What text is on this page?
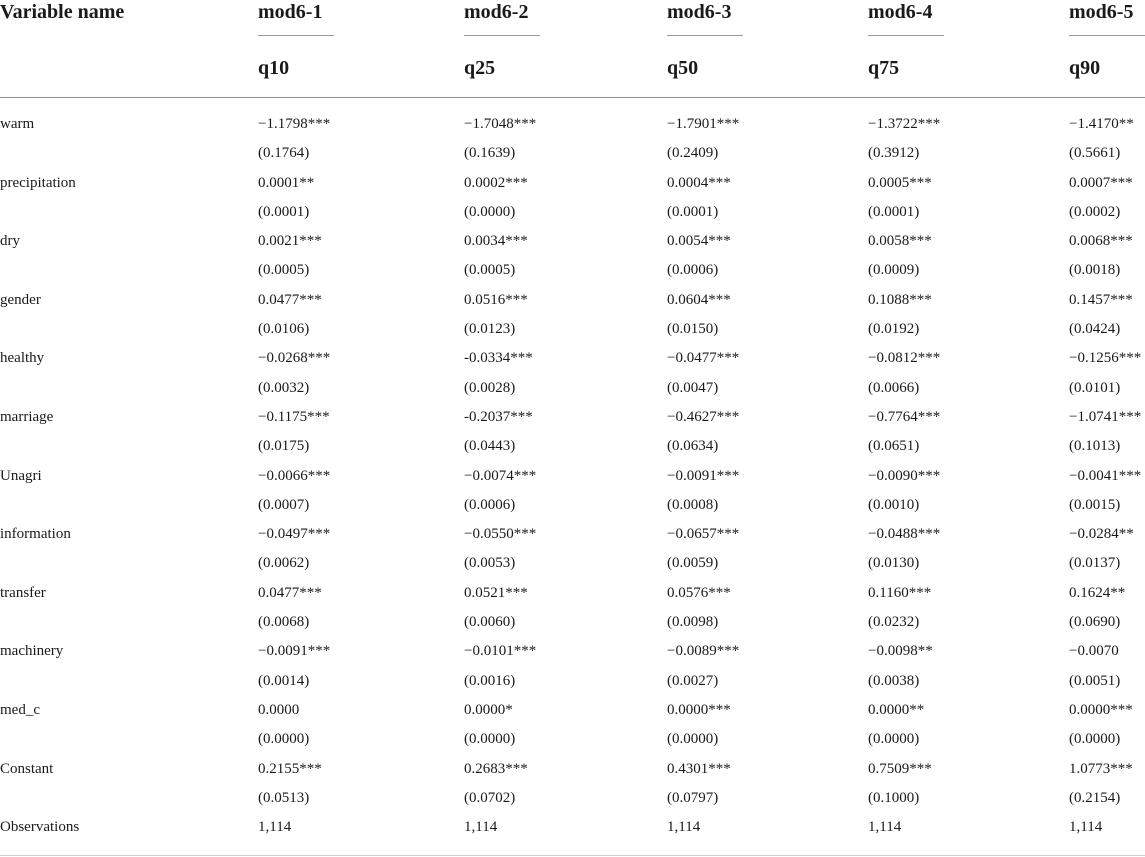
Variable name	mod6-1	mod6-2	mod6-3	mod6-4	mod6-5

	q10	q25	q50	q75	q90

warm	−1.1798***	−1.7048***	−1.7901***	−1.3722***	−1.4170**
	(0.1764)	(0.1639)	(0.2409)	(0.3912)	(0.5661)
precipitation	0.0001**	0.0002***	0.0004***	0.0005***	0.0007***
	(0.0001)	(0.0000)	(0.0001)	(0.0001)	(0.0002)
dry	0.0021***	0.0034***	0.0054***	0.0058***	0.0068***
	(0.0005)	(0.0005)	(0.0006)	(0.0009)	(0.0018)
gender	0.0477***	0.0516***	0.0604***	0.1088***	0.1457***
	(0.0106)	(0.0123)	(0.0150)	(0.0192)	(0.0424)
healthy	−0.0268***	-0.0334***	−0.0477***	−0.0812***	−0.1256***
	(0.0032)	(0.0028)	(0.0047)	(0.0066)	(0.0101)
marriage	−0.1175***	-0.2037***	−0.4627***	−0.7764***	−1.0741***
	(0.0175)	(0.0443)	(0.0634)	(0.0651)	(0.1013)
Unagri	−0.0066***	−0.0074***	−0.0091***	−0.0090***	−0.0041***
	(0.0007)	(0.0006)	(0.0008)	(0.0010)	(0.0015)
information	−0.0497***	−0.0550***	−0.0657***	−0.0488***	−0.0284**
	(0.0062)	(0.0053)	(0.0059)	(0.0130)	(0.0137)
transfer	0.0477***	0.0521***	0.0576***	0.1160***	0.1624**
	(0.0068)	(0.0060)	(0.0098)	(0.0232)	(0.0690)
machinery	−0.0091***	−0.0101***	−0.0089***	−0.0098**	−0.0070
	(0.0014)	(0.0016)	(0.0027)	(0.0038)	(0.0051)
med_c	0.0000	0.0000*	0.0000***	0.0000**	0.0000***
	(0.0000)	(0.0000)	(0.0000)	(0.0000)	(0.0000)
Constant	0.2155***	0.2683***	0.4301***	0.7509***	1.0773***
	(0.0513)	(0.0702)	(0.0797)	(0.1000)	(0.2154)
Observations	1,114	1,114	1,114	1,114	1,114
